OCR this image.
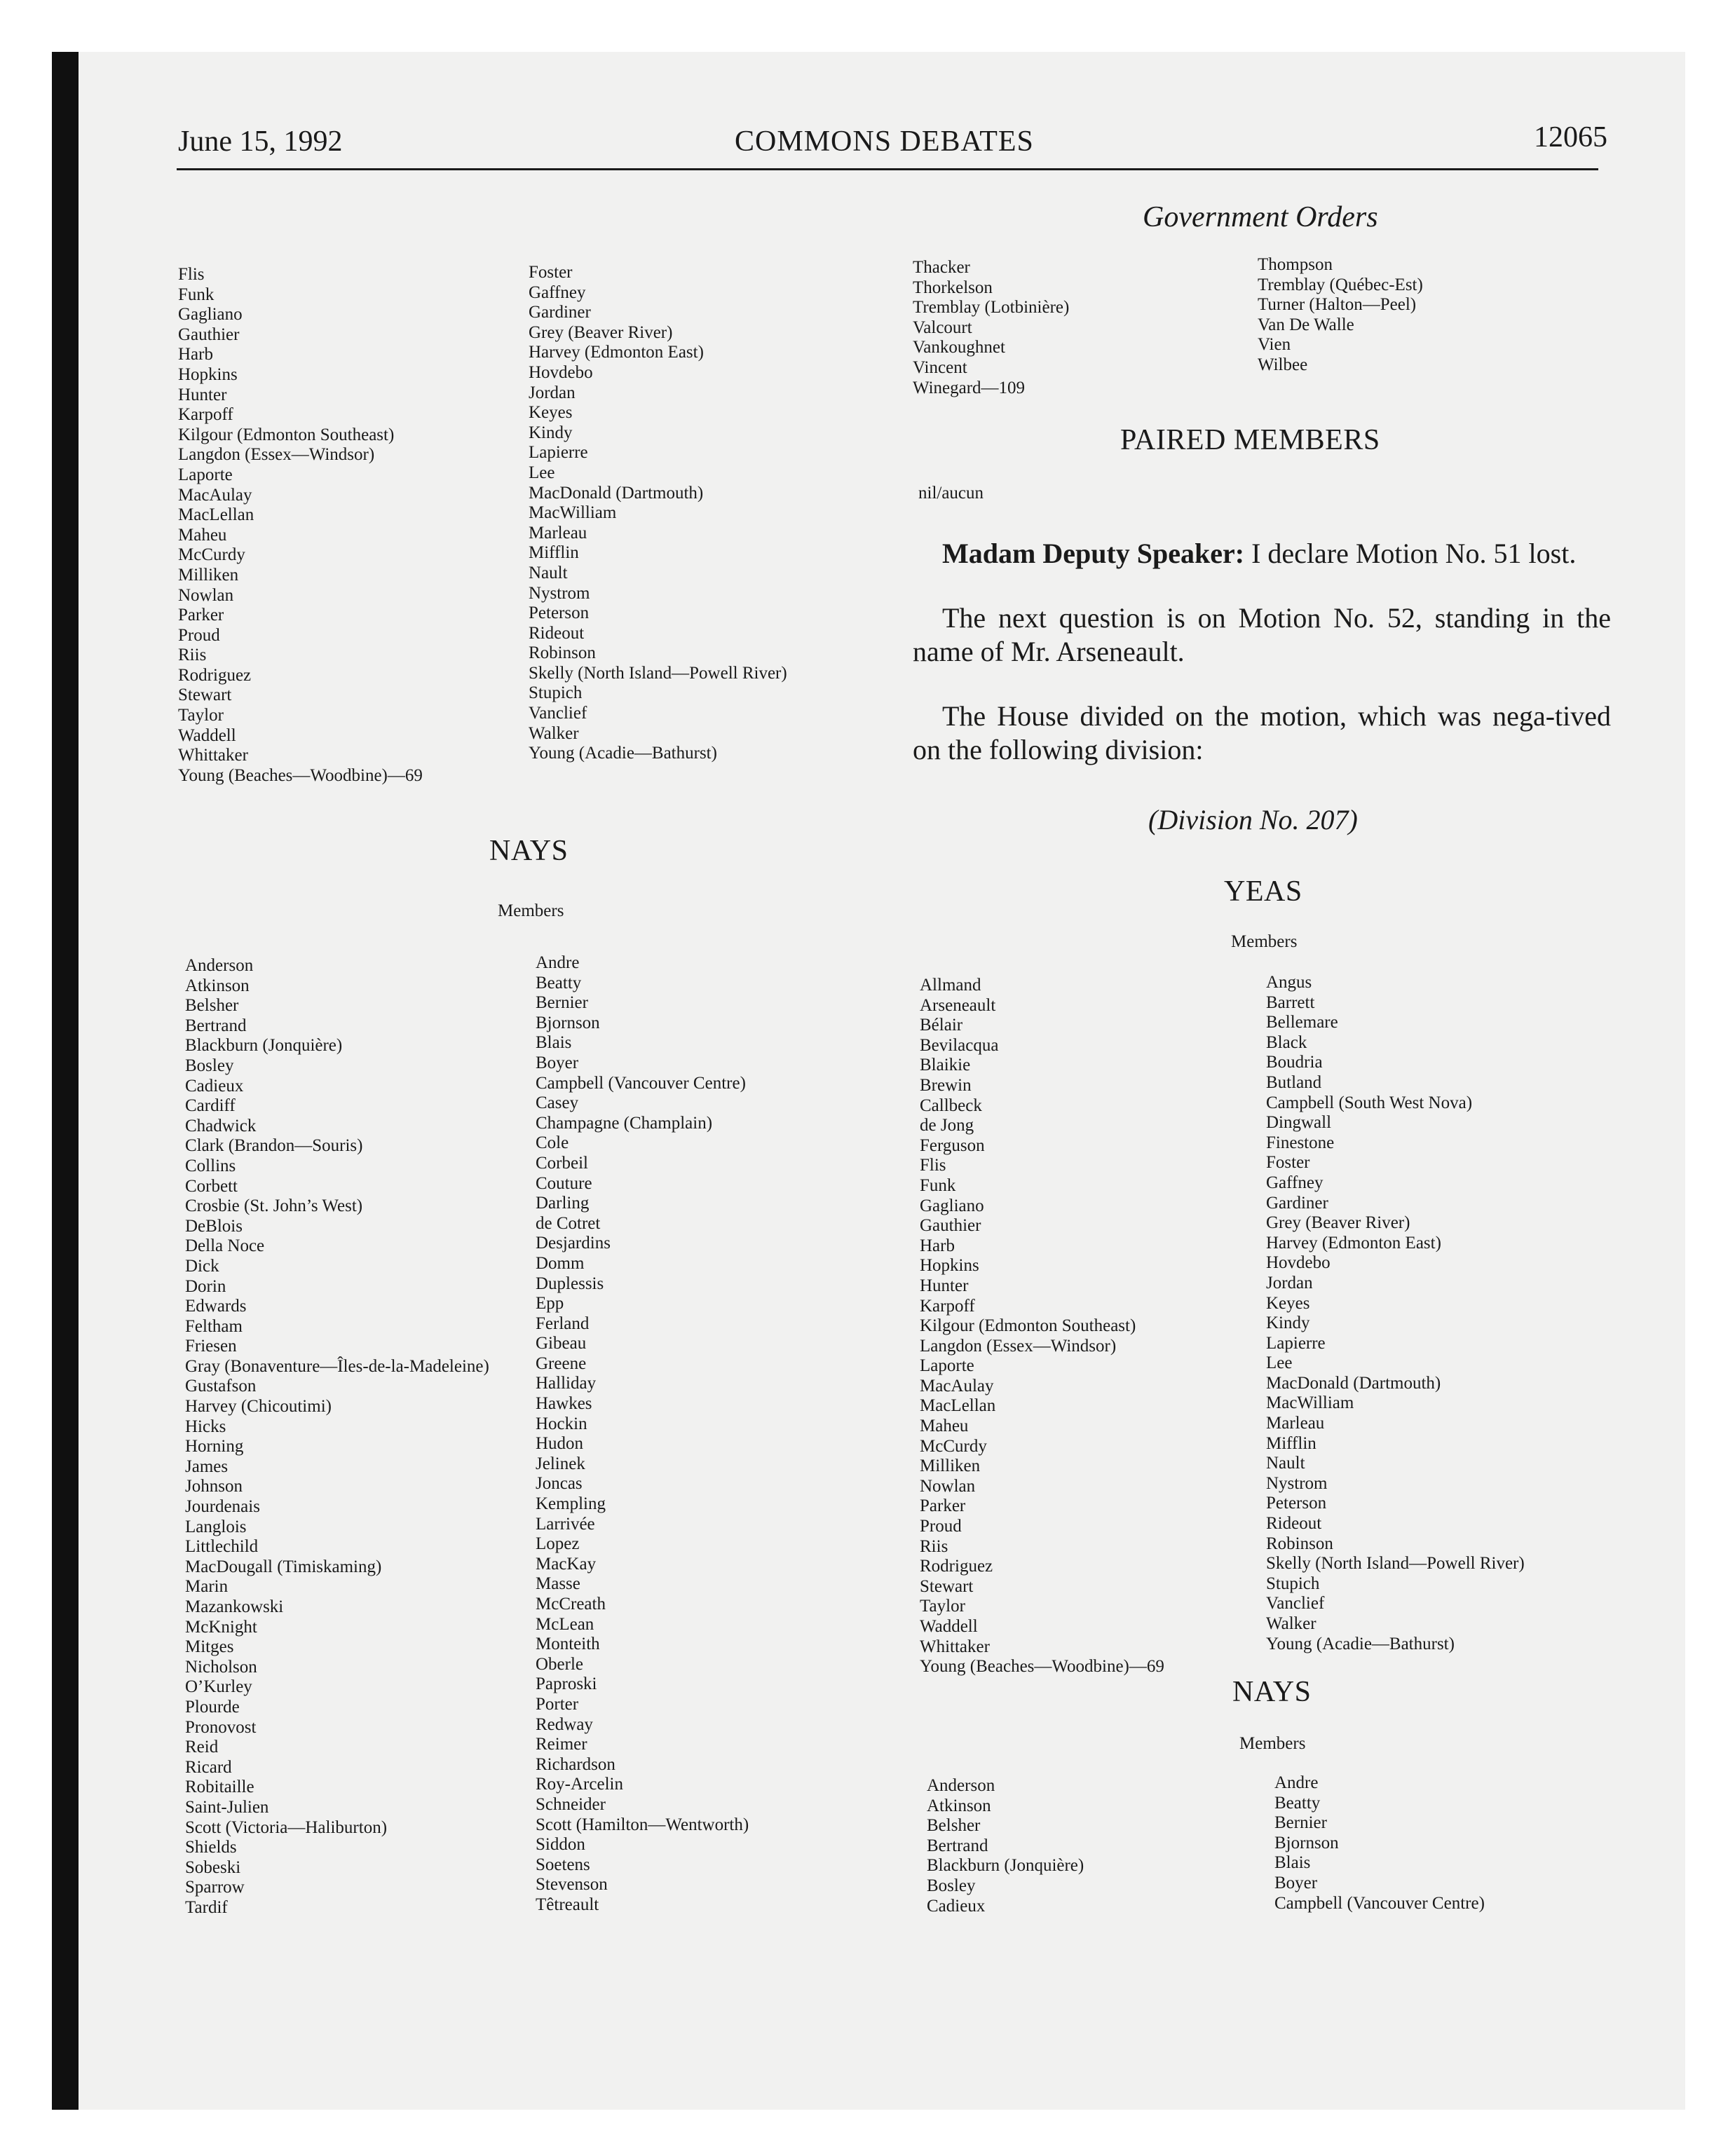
June 15, 1992	COMMONS DEBATES	12065
Government Orders
Flis
Funk
Gagliano
Gauthier
Harb
Hopkins
Hunter
Karpoff
Kilgour (Edmonton Southeast)
Langdon (Essex—Windsor)
Laporte
MacAulay
MacLellan
Maheu
McCurdy
Milliken
Nowlan
Parker
Proud
Riis
Rodriguez
Stewart
Taylor
Waddell
Whittaker
Young (Beaches—Woodbine)—69
Foster
Gaffney
Gardiner
Grey (Beaver River)
Harvey (Edmonton East)
Hovdebo
Jordan
Keyes
Kindy
Lapierre
Lee
MacDonald (Dartmouth)
MacWilliam
Marleau
Mifflin
Nault
Nystrom
Peterson
Rideout
Robinson
Skelly (North Island—Powell River)
Stupich
Vanclief
Walker
Young (Acadie—Bathurst)
NAYS
Members
Anderson
Atkinson
Belsher
Bertrand
Blackburn (Jonquière)
Bosley
Cadieux
Cardiff
Chadwick
Clark (Brandon—Souris)
Collins
Corbett
Crosbie (St. John’s West)
DeBlois
Della Noce
Dick
Dorin
Edwards
Feltham
Friesen
Gray (Bonaventure—Îles-de-la-Madeleine)
Gustafson
Harvey (Chicoutimi)
Hicks
Horning
James
Johnson
Jourdenais
Langlois
Littlechild
MacDougall (Timiskaming)
Marin
Mazankowski
McKnight
Mitges
Nicholson
O’Kurley
Plourde
Pronovost
Reid
Ricard
Robitaille
Saint-Julien
Scott (Victoria—Haliburton)
Shields
Sobeski
Sparrow
Tardif
Andre
Beatty
Bernier
Bjornson
Blais
Boyer
Campbell (Vancouver Centre)
Casey
Champagne (Champlain)
Cole
Corbeil
Couture
Darling
de Cotret
Desjardins
Domm
Duplessis
Epp
Ferland
Gibeau
Greene
Halliday
Hawkes
Hockin
Hudon
Jelinek
Joncas
Kempling
Larrivée
Lopez
MacKay
Masse
McCreath
McLean
Monteith
Oberle
Paproski
Porter
Redway
Reimer
Richardson
Roy-Arcelin
Schneider
Scott (Hamilton—Wentworth)
Siddon
Soetens
Stevenson
Têtreault
Thacker
Thorkelson
Tremblay (Lotbinière)
Valcourt
Vankoughnet
Vincent
Winegard—109
Thompson
Tremblay (Québec-Est)
Turner (Halton—Peel)
Van De Walle
Vien
Wilbee
PAIRED MEMBERS
nil/aucun

Madam Deputy Speaker: I declare Motion No. 51 lost.

The next question is on Motion No. 52, standing in the name of Mr. Arseneault.

The House divided on the motion, which was nega-tived on the following division:

(Division No. 207)
YEAS
Members
Allmand
Arseneault
Bélair
Bevilacqua
Blaikie
Brewin
Callbeck
de Jong
Ferguson
Flis
Funk
Gagliano
Gauthier
Harb
Hopkins
Hunter
Karpoff
Kilgour (Edmonton Southeast)
Langdon (Essex—Windsor)
Laporte
MacAulay
MacLellan
Maheu
McCurdy
Milliken
Nowlan
Parker
Proud
Riis
Rodriguez
Stewart
Taylor
Waddell
Whittaker
Young (Beaches—Woodbine)—69
Angus
Barrett
Bellemare
Black
Boudria
Butland
Campbell (South West Nova)
Dingwall
Finestone
Foster
Gaffney
Gardiner
Grey (Beaver River)
Harvey (Edmonton East)
Hovdebo
Jordan
Keyes
Kindy
Lapierre
Lee
MacDonald (Dartmouth)
MacWilliam
Marleau
Mifflin
Nault
Nystrom
Peterson
Rideout
Robinson
Skelly (North Island—Powell River)
Stupich
Vanclief
Walker
Young (Acadie—Bathurst)
NAYS
Members
Anderson
Atkinson
Belsher
Bertrand
Blackburn (Jonquière)
Bosley
Cadieux
Andre
Beatty
Bernier
Bjornson
Blais
Boyer
Campbell (Vancouver Centre)
